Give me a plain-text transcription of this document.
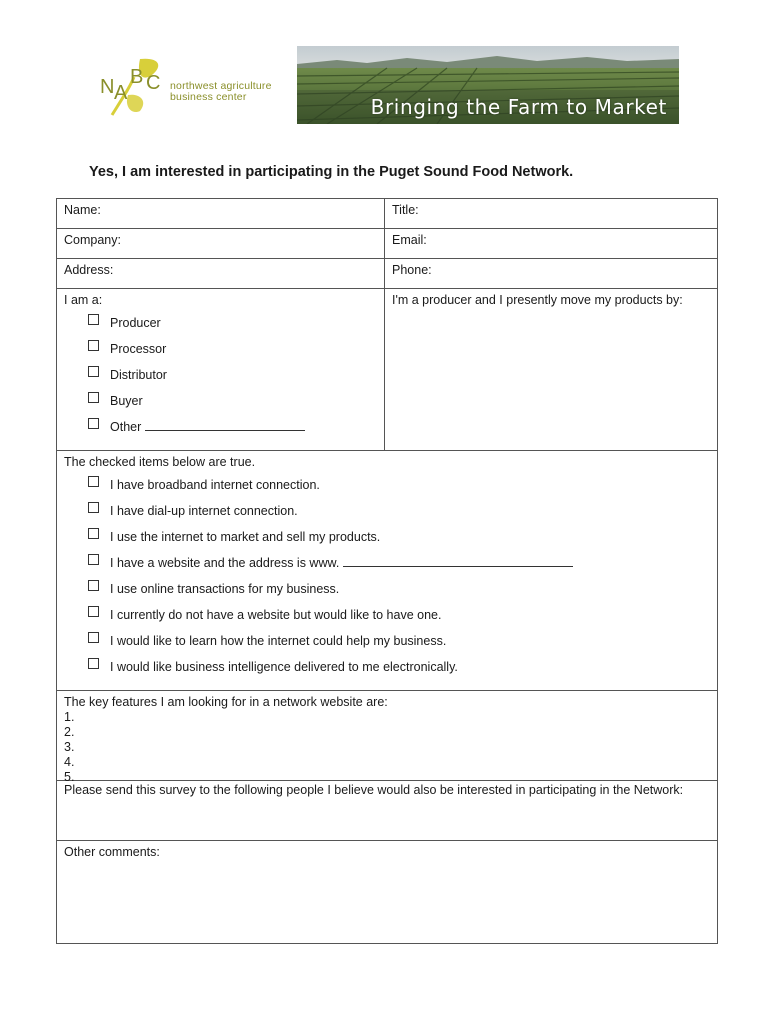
N A
B C northwest agriculture
business center	Bringing the Farm to Market
Yes, I am interested in participating in the Puget Sound Food Network.
Name:	Title:
Company:	Email:
Address:	Phone:
I am a:
Producer
Processor
Distributor
Buyer
Other
I'm a producer and I presently move my products by:
The checked items below are true.
I have broadband internet connection.
I have dial-up internet connection.
I use the internet to market and sell my products.
I have a website and the address is www.
I use online transactions for my business.
I currently do not have a website but would like to have one.
I would like to learn how the internet could help my business.
I would like business intelligence delivered to me electronically.
The key features I am looking for in a network website are:
1.
2.
3.
4.
5.
Please send this survey to the following people I believe would also be interested in participating in the Network:
Other comments:
